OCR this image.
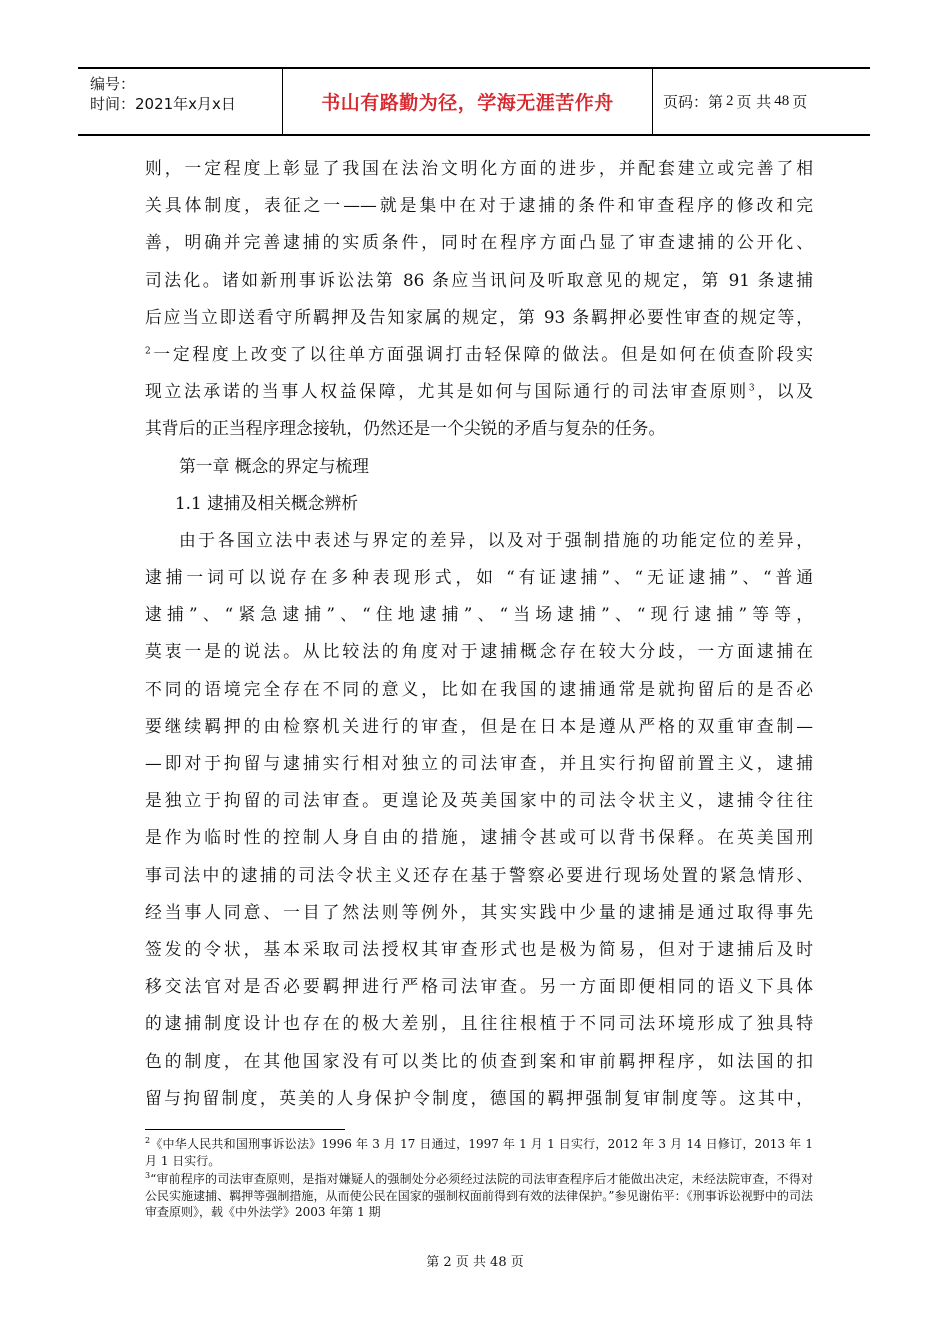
编号：
时间：2021年x月x日	书山有路勤为径，学海无涯苦作舟	页码：第 2 页 共 48 页
则，一定程度上彰显了我国在法治文明化方面的进步，并配套建立或完善了相
关具体制度，表征之一——就是集中在对于逮捕的条件和审查程序的修改和完
善，明确并完善逮捕的实质条件，同时在程序方面凸显了审查逮捕的公开化、
司法化。诸如新刑事诉讼法第 86 条应当讯问及听取意见的规定，第 91 条逮捕
后应当立即送看守所羁押及告知家属的规定，第 93 条羁押必要性审查的规定等，
$^2$一定程度上改变了以往单方面强调打击轻保障的做法。但是如何在侦查阶段实
现立法承诺的当事人权益保障，尤其是如何与国际通行的司法审查原则$^3$，以及
其背后的正当程序理念接轨，仍然还是一个尖锐的矛盾与复杂的任务。
第一章 概念的界定与梳理
1.1 逮捕及相关概念辨析
由于各国立法中表述与界定的差异，以及对于强制措施的功能定位的差异，
逮捕一词可以说存在多种表现形式，如 “有证逮捕”、“无证逮捕”、“普通
逮捕”、“紧急逮捕”、“住地逮捕”、“当场逮捕”、“现行逮捕”等等，
莫衷一是的说法。从比较法的角度对于逮捕概念存在较大分歧，一方面逮捕在
不同的语境完全存在不同的意义，比如在我国的逮捕通常是就拘留后的是否必
要继续羁押的由检察机关进行的审查，但是在日本是遵从严格的双重审查制—
—即对于拘留与逮捕实行相对独立的司法审查，并且实行拘留前置主义，逮捕
是独立于拘留的司法审查。更遑论及英美国家中的司法令状主义，逮捕令往往
是作为临时性的控制人身自由的措施，逮捕令甚或可以背书保释。在英美国刑
事司法中的逮捕的司法令状主义还存在基于警察必要进行现场处置的紧急情形、
经当事人同意、一目了然法则等例外，其实实践中少量的逮捕是通过取得事先
签发的令状，基本采取司法授权其审查形式也是极为简易，但对于逮捕后及时
移交法官对是否必要羁押进行严格司法审查。另一方面即便相同的语义下具体
的逮捕制度设计也存在的极大差别，且往往根植于不同司法环境形成了独具特
色的制度，在其他国家没有可以类比的侦查到案和审前羁押程序，如法国的扣
留与拘留制度，英美的人身保护令制度，德国的羁押强制复审制度等。这其中，
$^2$《中华人民共和国刑事诉讼法》1996 年 3 月 17 日通过，1997 年 1 月 1 日实行，2012 年 3 月 14 日修订，2013 年 1 月 1 日实行。
$^3$“审前程序的司法审查原则，是指对嫌疑人的强制处分必须经过法院的司法审查程序后才能做出决定，未经法院审查，不得对公民实施逮捕、羁押等强制措施，从而使公民在国家的强制权面前得到有效的法律保护。”参见谢佑平：《刑事诉讼视野中的司法审查原则》，载《中外法学》2003 年第 1 期
第 2 页 共 48 页
